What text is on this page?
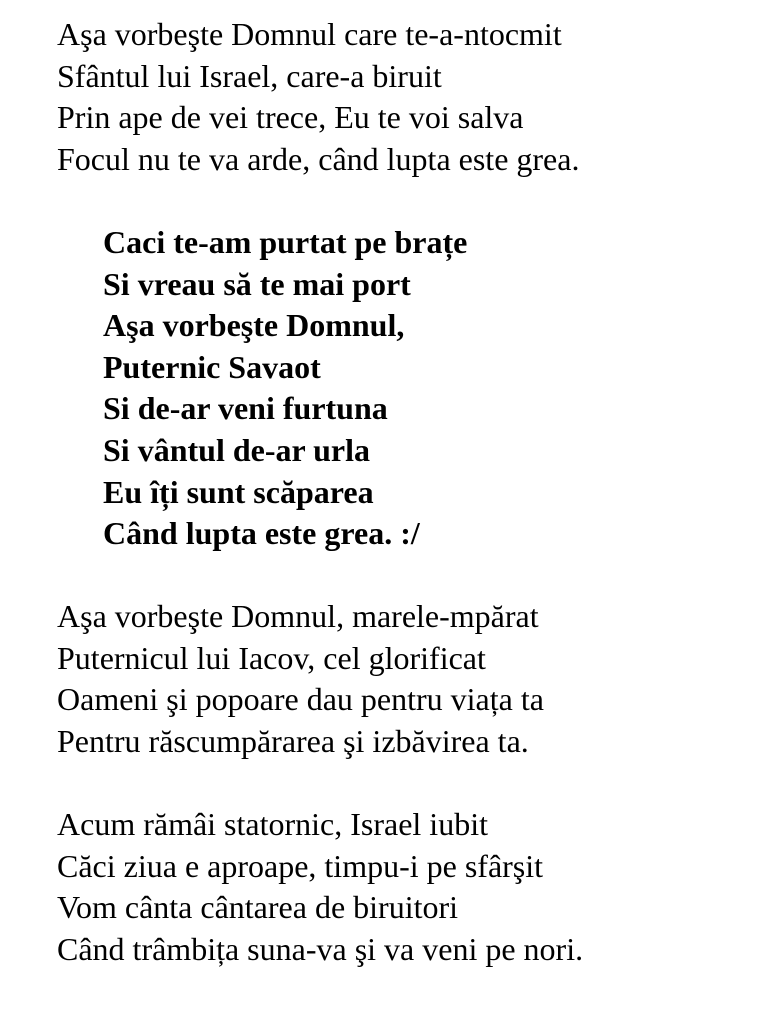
Aşa vorbeşte Domnul care te-a-ntocmit
Sfântul lui Israel, care-a biruit
Prin ape de vei trece, Eu te voi salva
Focul nu te va arde, când lupta este grea.
Caci te-am purtat pe brațe
Si vreau să te mai port
Aşa vorbeşte Domnul,
Puternic Savaot
Si de-ar veni furtuna
Si vântul de-ar urla
Eu îți sunt scăparea
Când lupta este grea. :/
Aşa vorbeşte Domnul, marele-mpărat
Puternicul lui Iacov, cel glorificat
Oameni şi popoare dau pentru viața ta
Pentru răscumpărarea şi izbăvirea ta.
Acum rămâi statornic, Israel iubit
Căci ziua e aproape, timpu-i pe sfârşit
Vom cânta cântarea de biruitori
Când trâmbița suna-va şi va veni pe nori.
